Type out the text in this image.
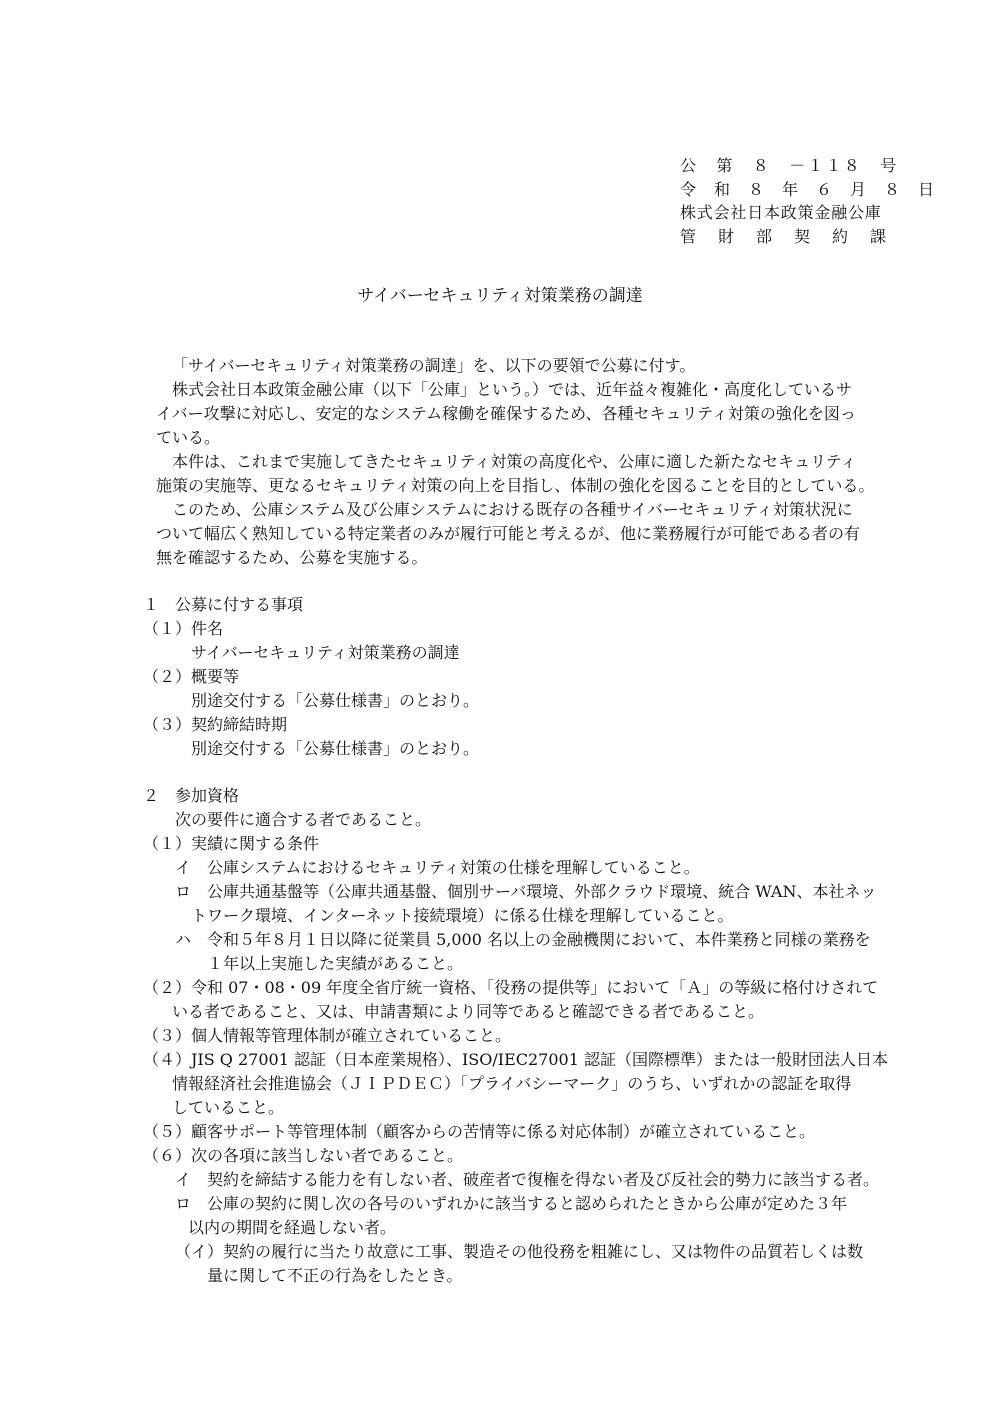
公　第　８　－１１８　号
令　和　８　年　６　月　８　日
株式会社日本政策金融公庫
管　財　部　契　約　課
サイバーセキュリティ対策業務の調達
「サイバーセキュリティ対策業務の調達」を、以下の要領で公募に付す。
株式会社日本政策金融公庫（以下「公庫」という。）では、近年益々複雑化・高度化しているサ
イバー攻撃に対応し、安定的なシステム稼働を確保するため、各種セキュリティ対策の強化を図っ
ている。
本件は、これまで実施してきたセキュリティ対策の高度化や、公庫に適した新たなセキュリティ
施策の実施等、更なるセキュリティ対策の向上を目指し、体制の強化を図ることを目的としている。
このため、公庫システム及び公庫システムにおける既存の各種サイバーセキュリティ対策状況に
ついて幅広く熟知している特定業者のみが履行可能と考えるが、他に業務履行が可能である者の有
無を確認するため、公募を実施する。
１　公募に付する事項
（１）件名
サイバーセキュリティ対策業務の調達
（２）概要等
別途交付する「公募仕様書」のとおり。
（３）契約締結時期
別途交付する「公募仕様書」のとおり。
２　参加資格
次の要件に適合する者であること。
（１）実績に関する条件
イ　公庫システムにおけるセキュリティ対策の仕様を理解していること。
ロ　公庫共通基盤等（公庫共通基盤、個別サーバ環境、外部クラウド環境、統合 WAN、本社ネッ
トワーク環境、インターネット接続環境）に係る仕様を理解していること。
ハ　令和５年８月１日以降に従業員 5,000 名以上の金融機関において、本件業務と同様の業務を
１年以上実施した実績があること。
（２）令和 07・08・09 年度全省庁統一資格、「役務の提供等」において「Ａ」の等級に格付けされて
いる者であること、又は、申請書類により同等であると確認できる者であること。
（３）個人情報等管理体制が確立されていること。
（４）JIS Q 27001 認証（日本産業規格）、ISO/IEC27001 認証（国際標準）または一般財団法人日本
情報経済社会推進協会（ＪＩＰＤＥＣ）「プライバシーマーク」のうち、いずれかの認証を取得
していること。
（５）顧客サポート等管理体制（顧客からの苦情等に係る対応体制）が確立されていること。
（６）次の各項に該当しない者であること。
イ　契約を締結する能力を有しない者、破産者で復権を得ない者及び反社会的勢力に該当する者。
ロ　公庫の契約に関し次の各号のいずれかに該当すると認められたときから公庫が定めた３年
以内の期間を経過しない者。
（イ）契約の履行に当たり故意に工事、製造その他役務を粗雑にし、又は物件の品質若しくは数
量に関して不正の行為をしたとき。
